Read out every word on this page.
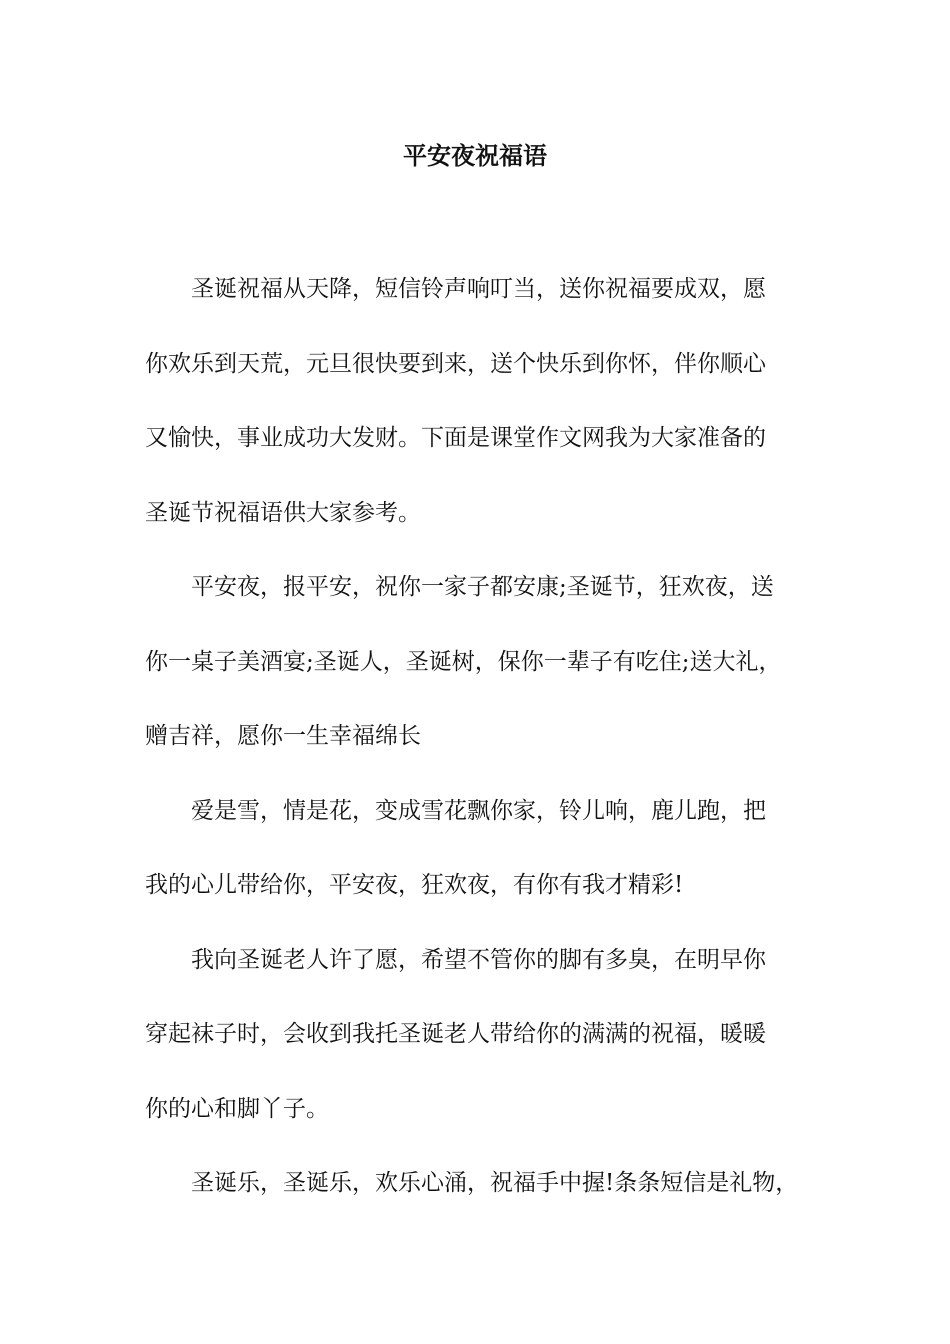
平安夜祝福语

圣诞祝福从天降，短信铃声响叮当，送你祝福要成双，愿
你欢乐到天荒，元旦很快要到来，送个快乐到你怀，伴你顺心
又愉快，事业成功大发财。下面是课堂作文网我为大家准备的
圣诞节祝福语供大家参考。

平安夜，报平安，祝你一家子都安康;圣诞节，狂欢夜，送
你一桌子美酒宴;圣诞人，圣诞树，保你一辈子有吃住;送大礼，
赠吉祥，愿你一生幸福绵长

爱是雪，情是花，变成雪花飘你家，铃儿响，鹿儿跑，把
我的心儿带给你，平安夜，狂欢夜，有你有我才精彩!

我向圣诞老人许了愿，希望不管你的脚有多臭，在明早你
穿起袜子时，会收到我托圣诞老人带给你的满满的祝福，暖暖
你的心和脚丫子。

圣诞乐，圣诞乐，欢乐心涌，祝福手中握!条条短信是礼物，
